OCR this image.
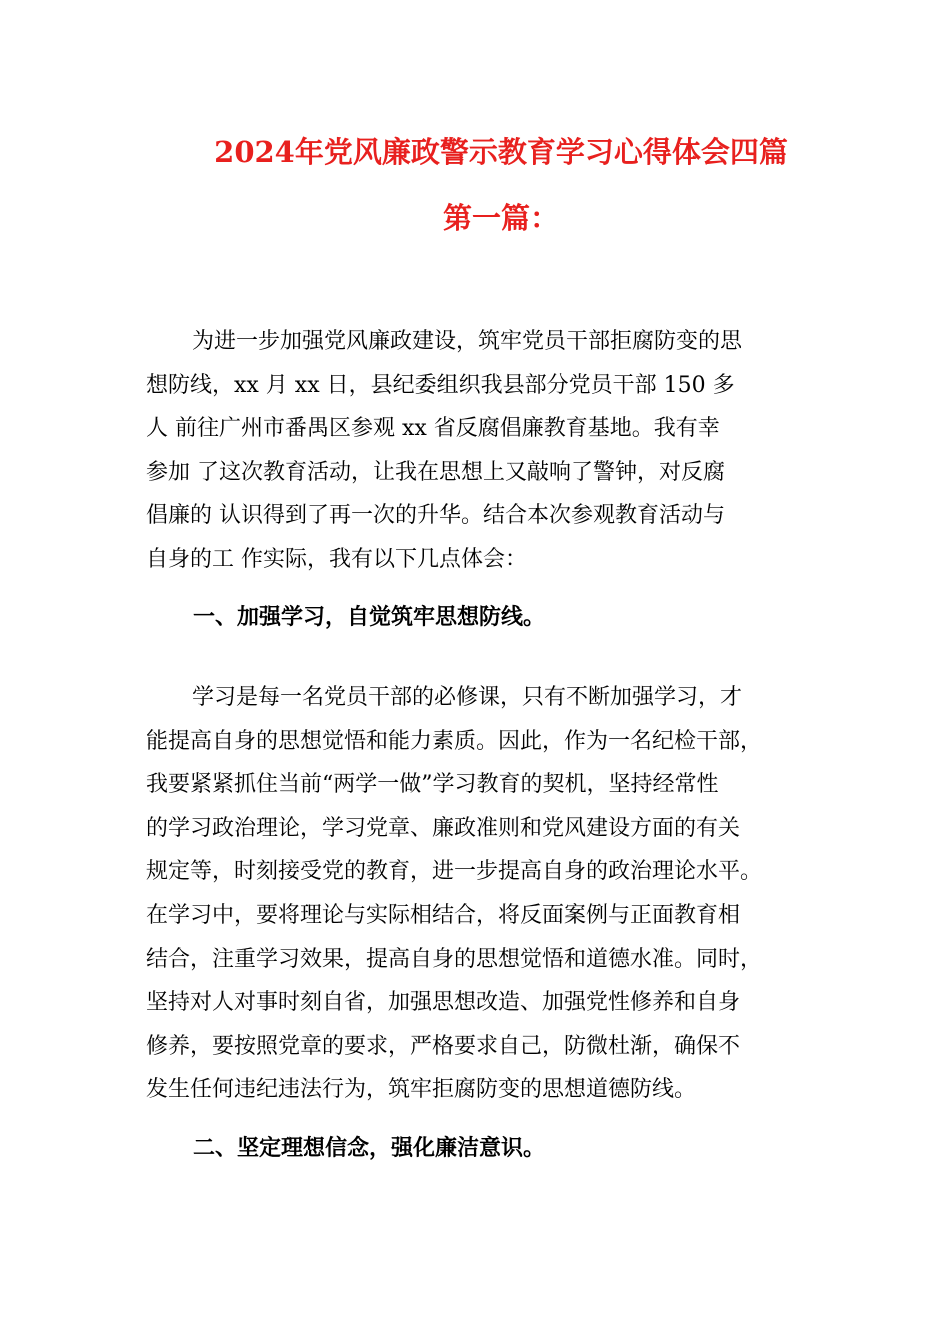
2024年党风廉政警示教育学习心得体会四篇
第一篇：
为进一步加强党风廉政建设，筑牢党员干部拒腐防变的思
想防线，xx 月 xx 日，县纪委组织我县部分党员干部 150 多
人 前往广州市番禺区参观 xx 省反腐倡廉教育基地。我有幸
参加 了这次教育活动，让我在思想上又敲响了警钟，对反腐
倡廉的 认识得到了再一次的升华。结合本次参观教育活动与
自身的工 作实际，我有以下几点体会：
一、加强学习，自觉筑牢思想防线。
学习是每一名党员干部的必修课，只有不断加强学习，才
能提高自身的思想觉悟和能力素质。因此，作为一名纪检干部，
我要紧紧抓住当前“两学一做”学习教育的契机，坚持经常性
的学习政治理论，学习党章、廉政准则和党风建设方面的有关
规定等，时刻接受党的教育，进一步提高自身的政治理论水平。
在学习中，要将理论与实际相结合，将反面案例与正面教育相
结合，注重学习效果，提高自身的思想觉悟和道德水准。同时，
坚持对人对事时刻自省，加强思想改造、加强党性修养和自身
修养，要按照党章的要求，严格要求自己，防微杜渐，确保不
发生任何违纪违法行为，筑牢拒腐防变的思想道德防线。
二、坚定理想信念，强化廉洁意识。
